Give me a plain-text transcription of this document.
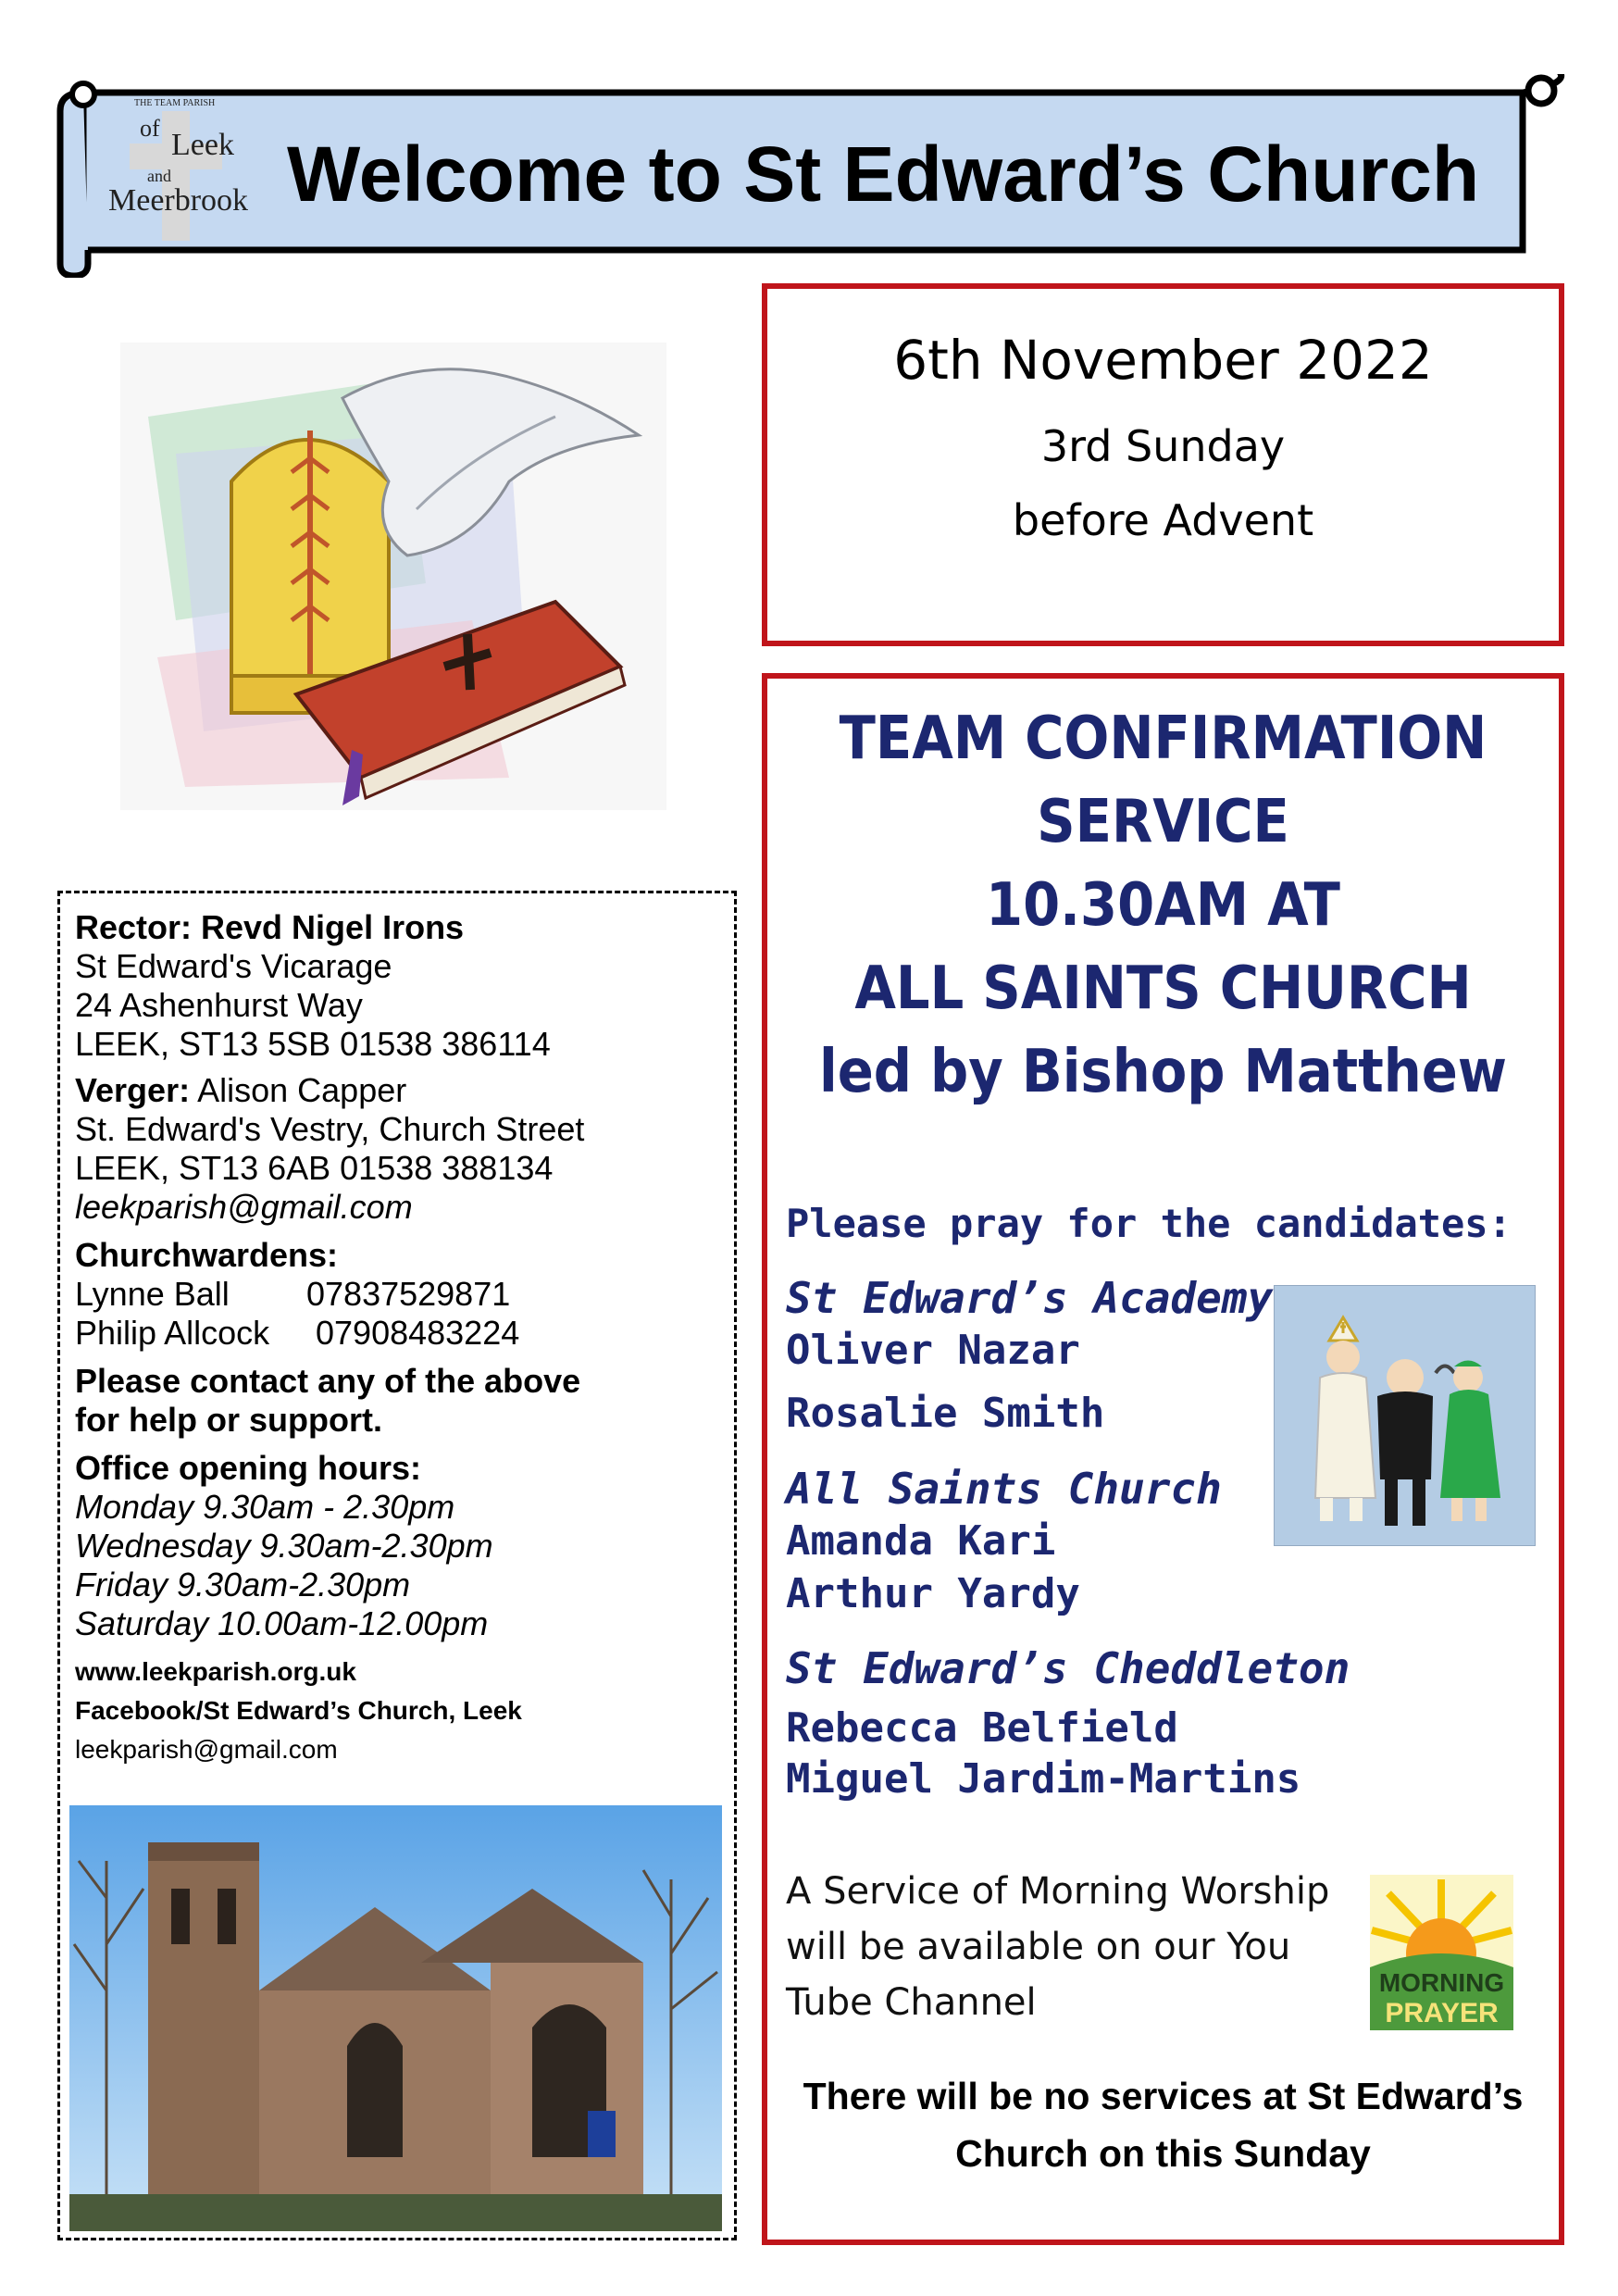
THE TEAM PARISH
of Leek
and
Meerbrook Welcome to St Edward’s Church
6th November 2022
3rd Sunday
before Advent
TEAM CONFIRMATION
SERVICE
10.30AM AT
ALL SAINTS CHURCH
led by Bishop Matthew
Please pray for the candidates:
St Edward’s Academy
Oliver Nazar
Rosalie Smith
All Saints Church
Amanda Kari
Arthur Yardy
St Edward’s Cheddleton
Rebecca Belfield
Miguel Jardim-Martins
A Service of Morning Worship
will be available on our You
Tube Channel
There will be no services at St Edward’s
Church on this Sunday
MORNING
PRAYER
Rector: Revd Nigel Irons
St Edward's Vicarage
24 Ashenhurst Way
LEEK, ST13 5SB 01538 386114
Verger: Alison Capper
St. Edward's Vestry, Church Street
LEEK, ST13 6AB 01538 388134
leekparish@gmail.com
Churchwardens:
Lynne Ball 07837529871
Philip Allcock 07908483224
Please contact any of the above
for help or support.
Office opening hours:
Monday 9.30am - 2.30pm
Wednesday 9.30am-2.30pm
Friday 9.30am-2.30pm
Saturday 10.00am-12.00pm
www.leekparish.org.uk
Facebook/St Edward’s Church, Leek
leekparish@gmail.com
